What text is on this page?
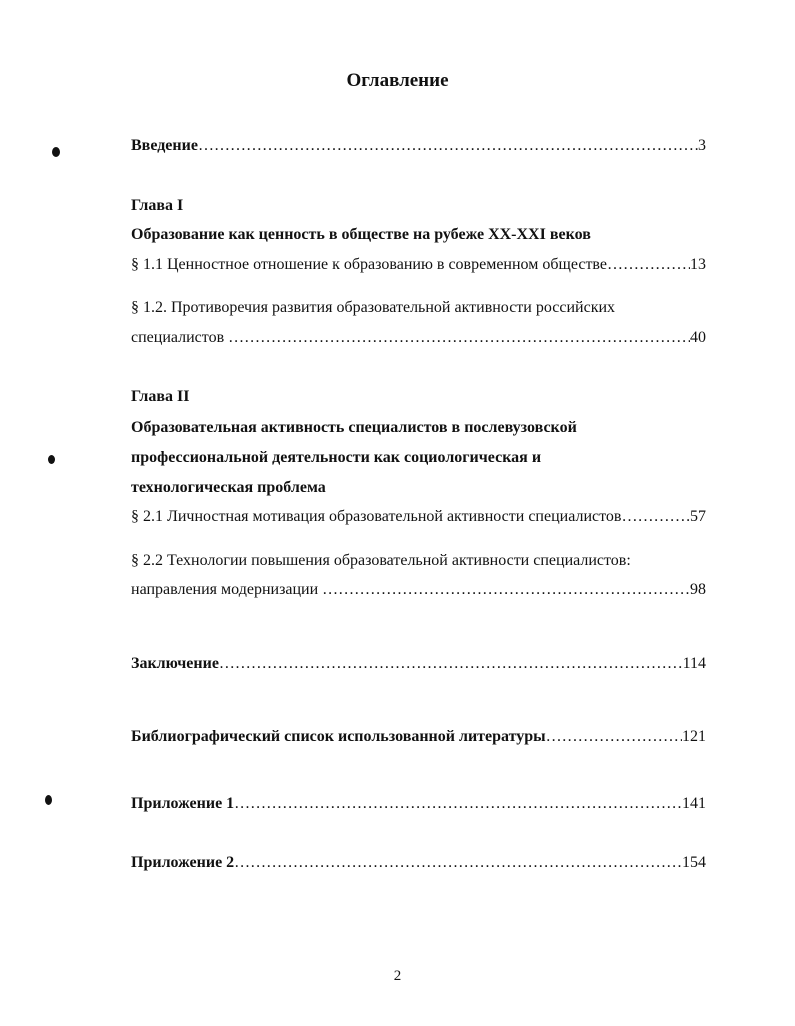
Оглавление
Введение ……………………………………………………………………………………………………………………………………	3
Глава I
Образование как ценность в обществе на рубеже XX-XXI веков
§ 1.1 Ценностное отношение к образованию в современном обществе ……………………………………………………………………………………………………………………………………	13
§ 1.2. Противоречия развития образовательной активности российских
специалистов ……………………………………………………………………………………………………………………………………	40
Глава II
Образовательная активность специалистов в послевузовской
профессиональной деятельности как социологическая и
технологическая проблема
§ 2.1 Личностная мотивация образовательной активности специалистов ……………………………………………………………………………………………………………………………………	57
§ 2.2 Технологии повышения образовательной активности специалистов:
направления модернизации ……………………………………………………………………………………………………………………………………	98
Заключение ……………………………………………………………………………………………………………………………………	114
Библиографический список использованной литературы ……………………………………………………………………………………………………………………………………	121
Приложение 1 ……………………………………………………………………………………………………………………………………	141
Приложение 2 ……………………………………………………………………………………………………………………………………	154
2
